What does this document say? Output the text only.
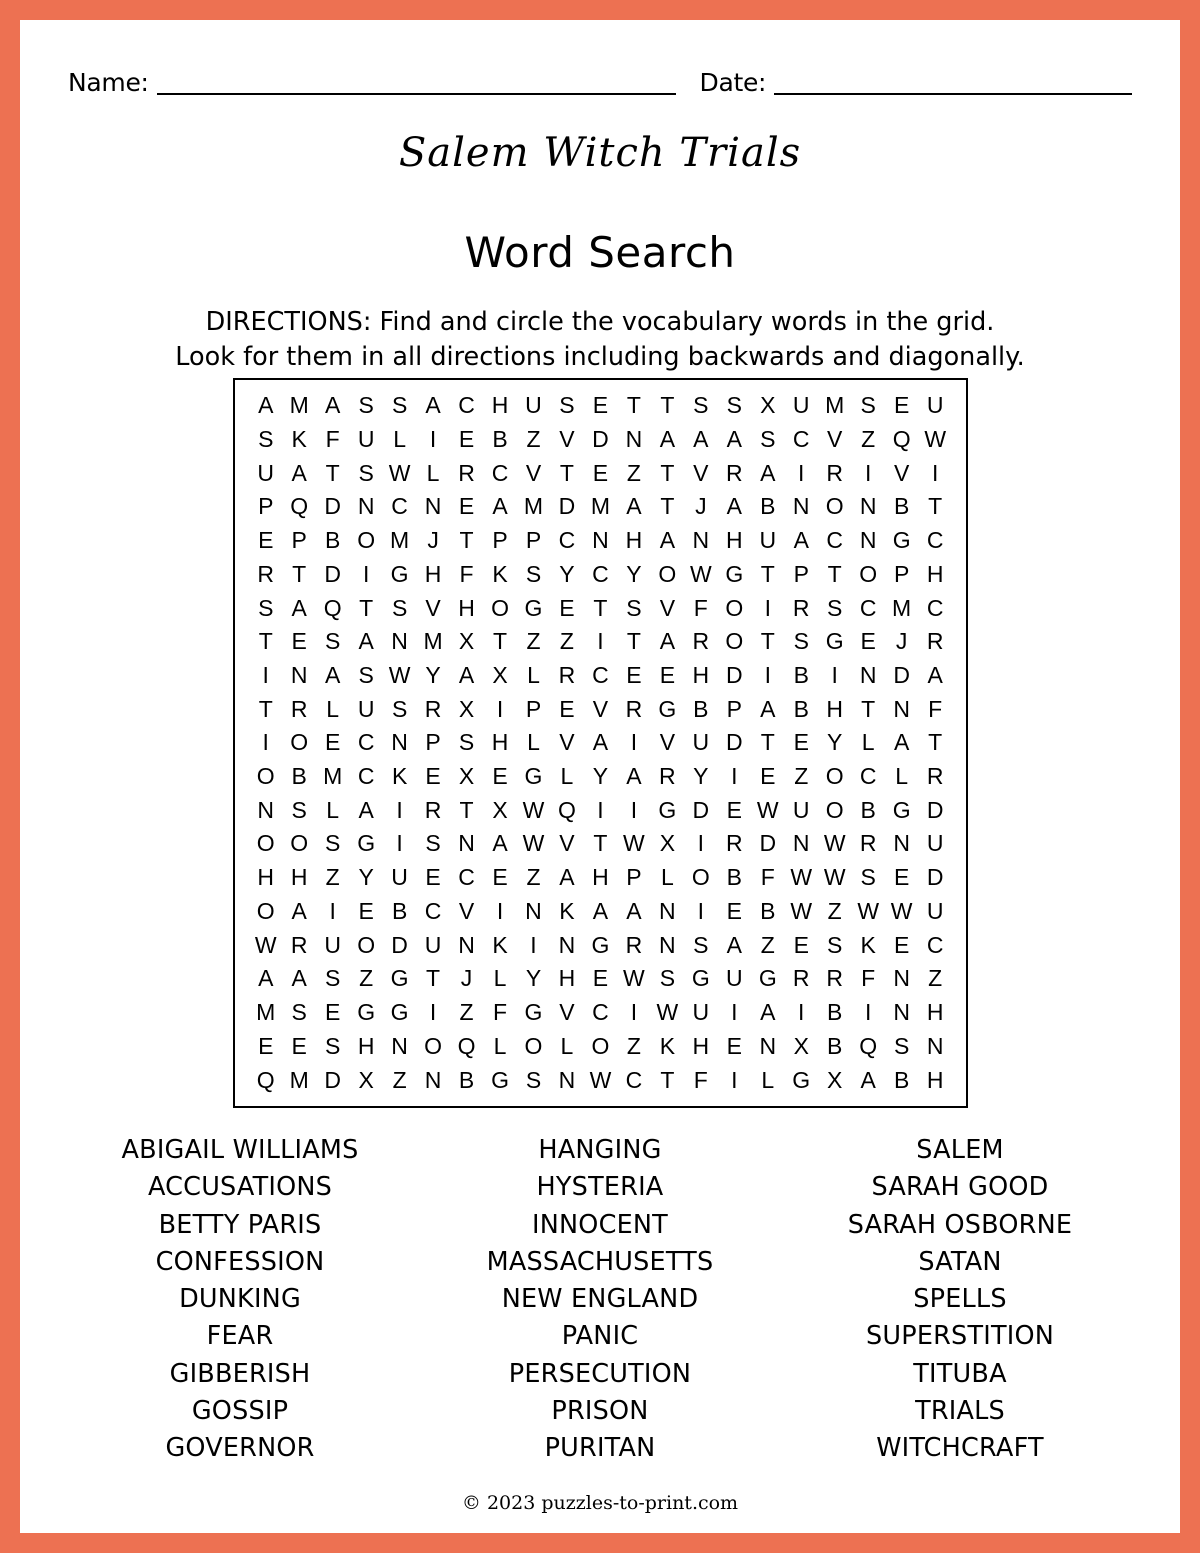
Name:	Date:
Salem Witch Trials
Word Search
DIRECTIONS: Find and circle the vocabulary words in the grid.
Look for them in all directions including backwards and diagonally.
A	M	A	S	S	A	C	H	U	S	E	T	T	S	S	X	U	M	S	E	U
S	K	F	U	L	I	E	B	Z	V	D	N	A	A	A	S	C	V	Z	Q	W
U	A	T	S	W	L	R	C	V	T	E	Z	T	V	R	A	I	R	I	V	I
P	Q	D	N	C	N	E	A	M	D	M	A	T	J	A	B	N	O	N	B	T
E	P	B	O	M	J	T	P	P	C	N	H	A	N	H	U	A	C	N	G	C
R	T	D	I	G	H	F	K	S	Y	C	Y	O	W	G	T	P	T	O	P	H
S	A	Q	T	S	V	H	O	G	E	T	S	V	F	O	I	R	S	C	M	C
T	E	S	A	N	M	X	T	Z	Z	I	T	A	R	O	T	S	G	E	J	R
I	N	A	S	W	Y	A	X	L	R	C	E	E	H	D	I	B	I	N	D	A
T	R	L	U	S	R	X	I	P	E	V	R	G	B	P	A	B	H	T	N	F
I	O	E	C	N	P	S	H	L	V	A	I	V	U	D	T	E	Y	L	A	T
O	B	M	C	K	E	X	E	G	L	Y	A	R	Y	I	E	Z	O	C	L	R
N	S	L	A	I	R	T	X	W	Q	I	I	G	D	E	W	U	O	B	G	D
O	O	S	G	I	S	N	A	W	V	T	W	X	I	R	D	N	W	R	N	U
H	H	Z	Y	U	E	C	E	Z	A	H	P	L	O	B	F	W	W	S	E	D
O	A	I	E	B	C	V	I	N	K	A	A	N	I	E	B	W	Z	W	W	U
W	R	U	O	D	U	N	K	I	N	G	R	N	S	A	Z	E	S	K	E	C
A	A	S	Z	G	T	J	L	Y	H	E	W	S	G	U	G	R	R	F	N	Z
M	S	E	G	G	I	Z	F	G	V	C	I	W	U	I	A	I	B	I	N	H
E	E	S	H	N	O	Q	L	O	L	O	Z	K	H	E	N	X	B	Q	S	N
Q	M	D	X	Z	N	B	G	S	N	W	C	T	F	I	L	G	X	A	B	H
ABIGAIL WILLIAMS
ACCUSATIONS
BETTY PARIS
CONFESSION
DUNKING
FEAR
GIBBERISH
GOSSIP
GOVERNOR
HANGING
HYSTERIA
INNOCENT
MASSACHUSETTS
NEW ENGLAND
PANIC
PERSECUTION
PRISON
PURITAN
SALEM
SARAH GOOD
SARAH OSBORNE
SATAN
SPELLS
SUPERSTITION
TITUBA
TRIALS
WITCHCRAFT
© 2023 puzzles-to-print.com
